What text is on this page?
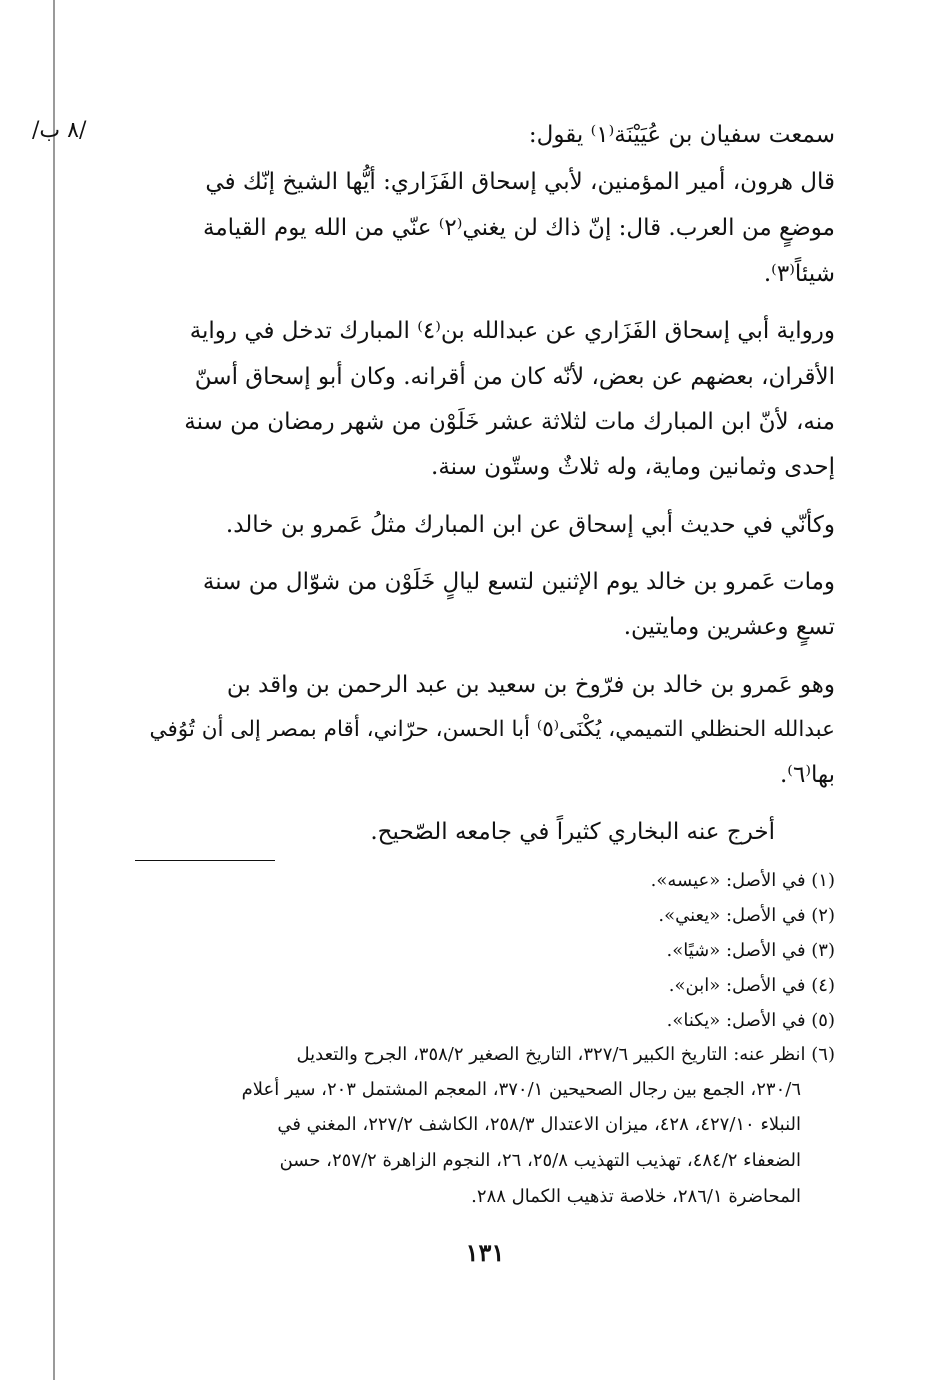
/٨ ب/	سمعت سفيان بن عُيَيْنَة⁽١⁾ يقول:
قال هرون، أمير المؤمنين، لأبي إسحاق الفَزَاري: أيُّها الشيخ إنّك في
موضعٍ من العرب. قال: إنّ ذاك لن يغني⁽٢⁾ عنّي من الله يوم القيامة
شيئاً⁽٣⁾.
ورواية أبي إسحاق الفَزَاري عن عبدالله بن⁽٤⁾ المبارك تدخل في رواية
الأقران، بعضهم عن بعض، لأنّه كان من أقرانه. وكان أبو إسحاق أسنّ
منه، لأنّ ابن المبارك مات لثلاثة عشر خَلَوْن من شهر رمضان من سنة
إحدى وثمانين وماية، وله ثلاثٌ وستّون سنة.
وكأنّي في حديث أبي إسحاق عن ابن المبارك مثلُ عَمرو بن خالد.
ومات عَمرو بن خالد يوم الإثنين لتسع ليالٍ خَلَوْن من شوّال من سنة
تسعٍ وعشرين ومايتين.
وهو عَمرو بن خالد بن فرّوخ بن سعيد بن عبد الرحمن بن واقد بن
عبدالله الحنظلي التميمي، يُكْنَى⁽٥⁾ أبا الحسن، حرّاني، أقام بمصر إلى أن تُوُفي
بها⁽٦⁾.
أخرج عنه البخاري كثيراً في جامعه الصّحيح.
(١) في الأصل: «عيسه».
(٢) في الأصل: «يعني».
(٣) في الأصل: «شيًا».
(٤) في الأصل: «ابن».
(٥) في الأصل: «يكنا».
(٦) انظر عنه: التاريخ الكبير ٣٢٧/٦، التاريخ الصغير ٣٥٨/٢، الجرح والتعديل
٢٣٠/٦، الجمع بين رجال الصحيحين ٣٧٠/١، المعجم المشتمل ٢٠٣، سير أعلام
النبلاء ٤٢٧/١٠، ٤٢٨، ميزان الاعتدال ٢٥٨/٣، الكاشف ٢٢٧/٢، المغني في
الضعفاء ٤٨٤/٢، تهذيب التهذيب ٢٥/٨، ٢٦، النجوم الزاهرة ٢٥٧/٢، حسن
المحاضرة ٢٨٦/١، خلاصة تذهيب الكمال ٢٨٨.
١٣١
